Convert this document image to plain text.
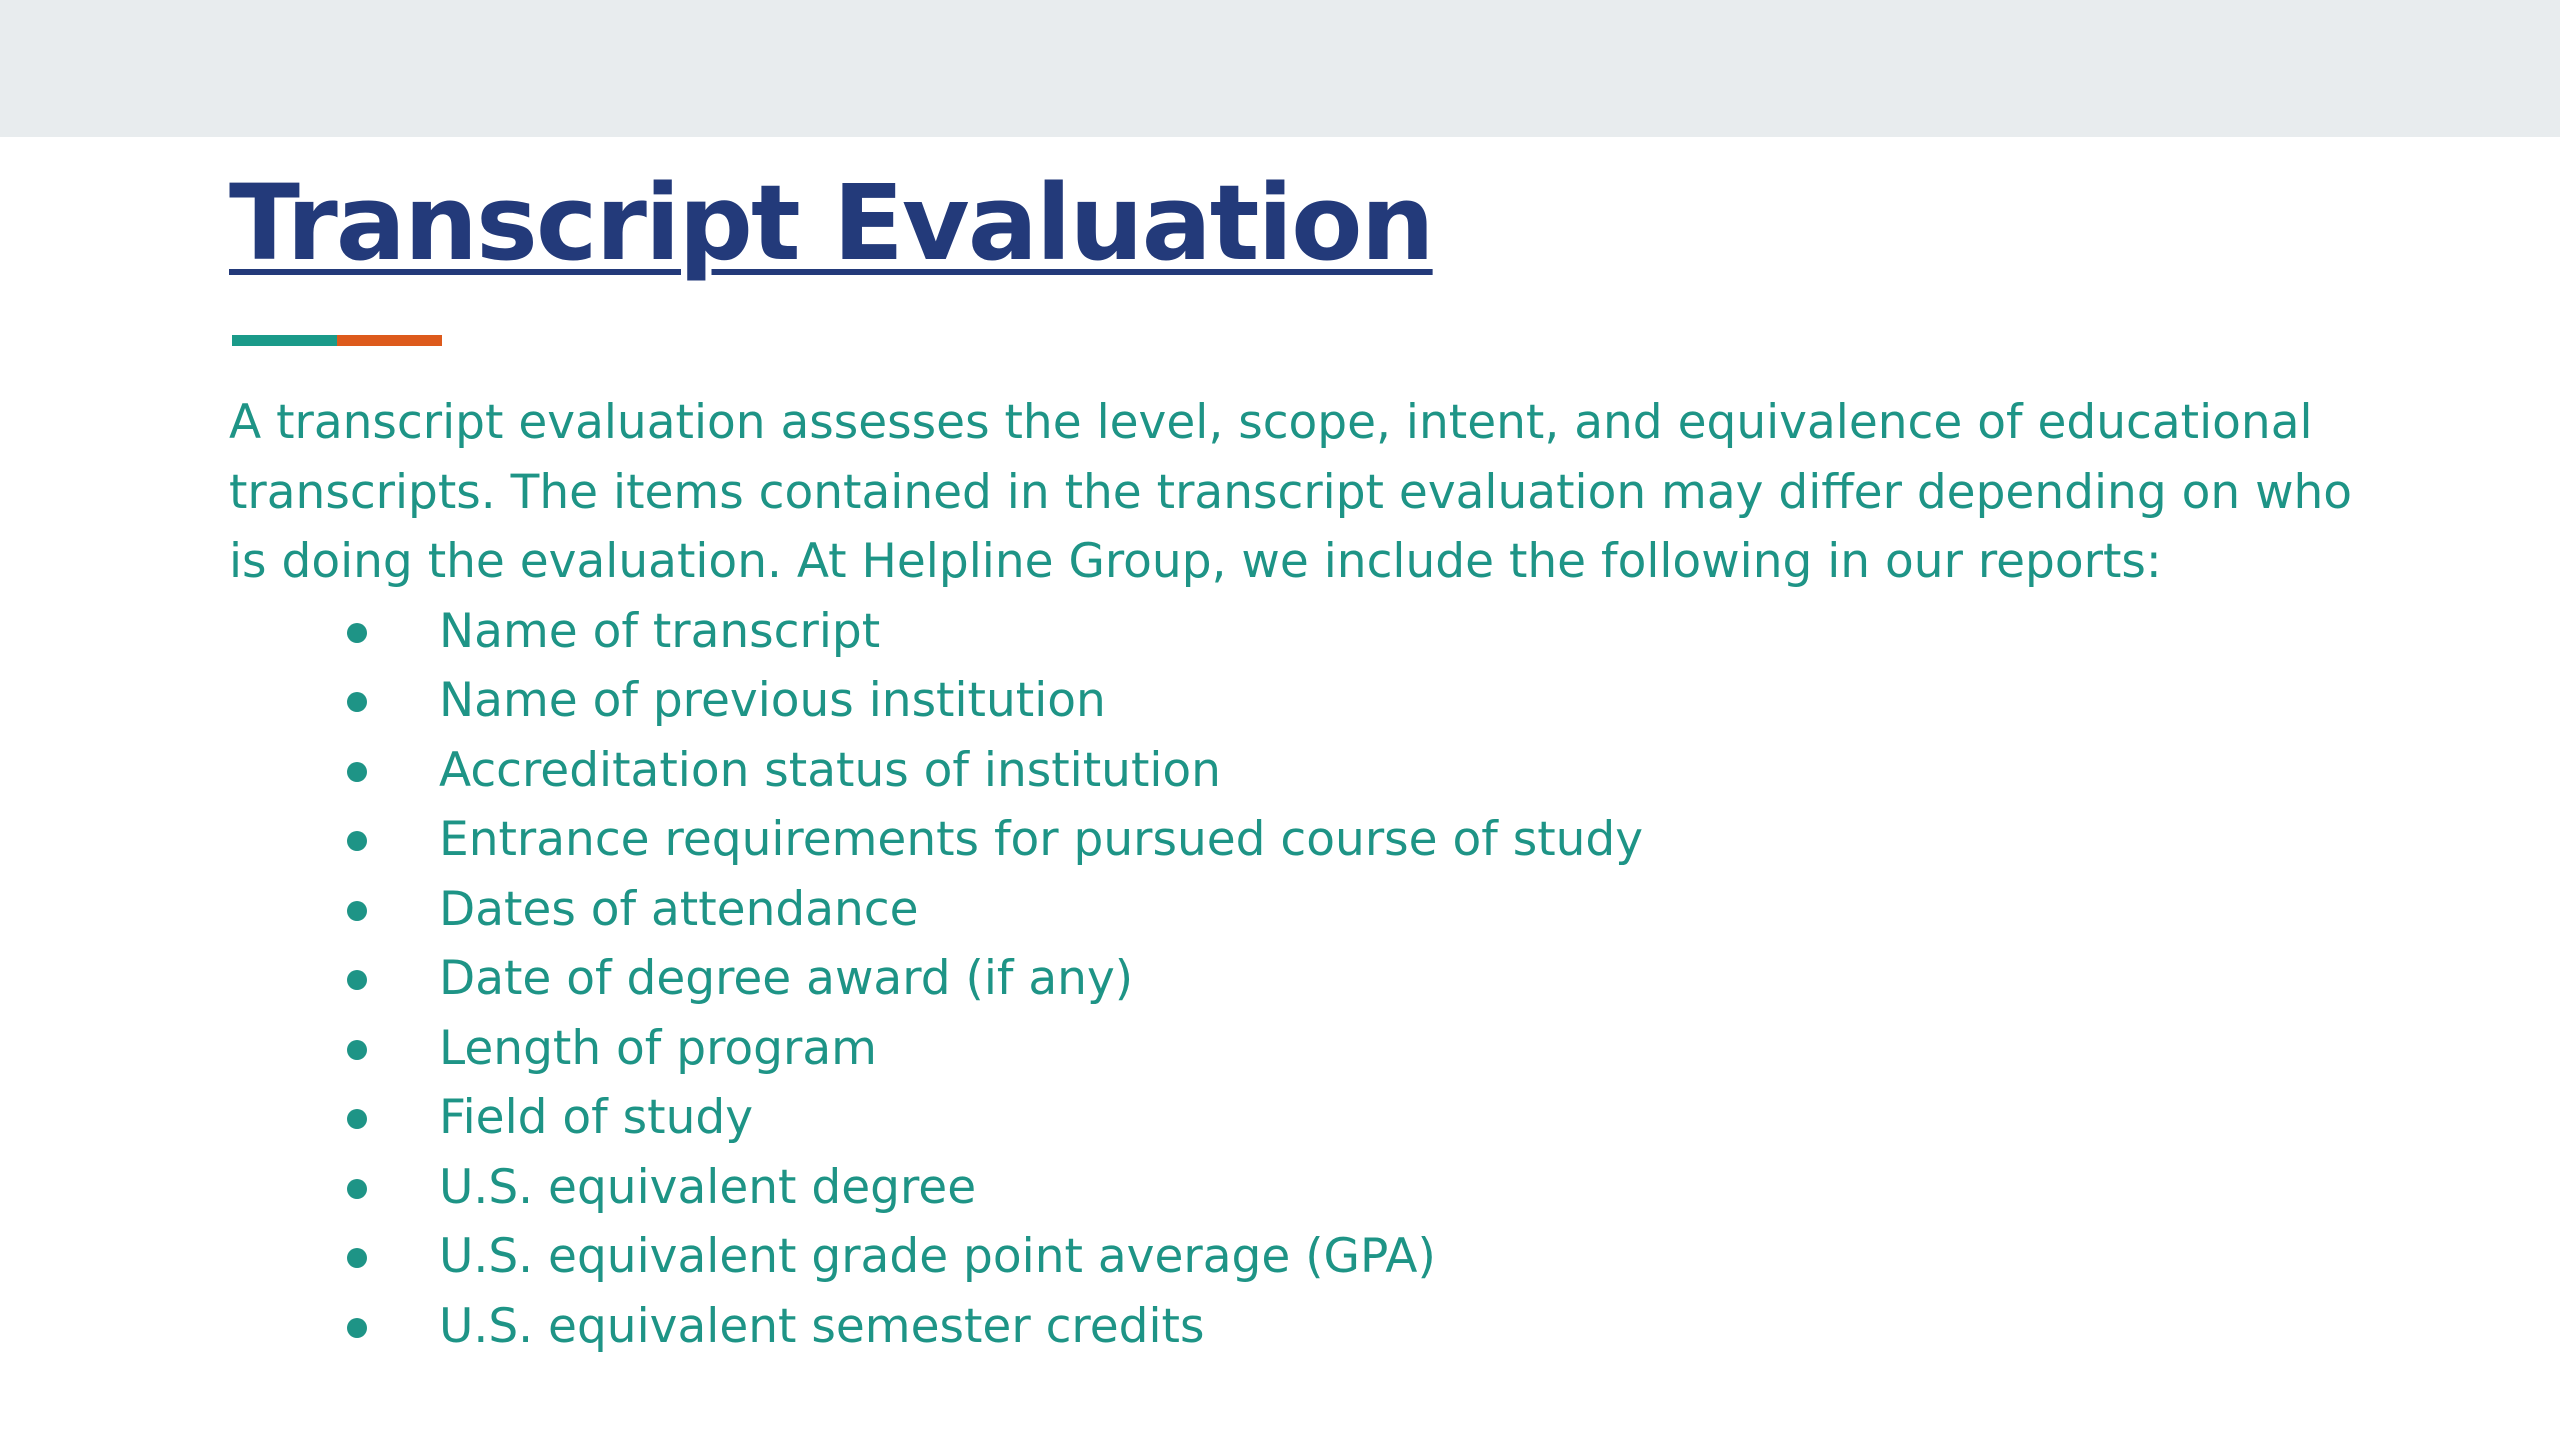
Transcript Evaluation

A transcript evaluation assesses the level, scope, intent, and equivalence of educational transcripts. The items contained in the transcript evaluation may differ depending on who is doing the evaluation. At Helpline Group, we include the following in our reports:

Name of transcript
Name of previous institution
Accreditation status of institution
Entrance requirements for pursued course of study
Dates of attendance
Date of degree award (if any)
Length of program
Field of study
U.S. equivalent degree
U.S. equivalent grade point average (GPA)
U.S. equivalent semester credits
